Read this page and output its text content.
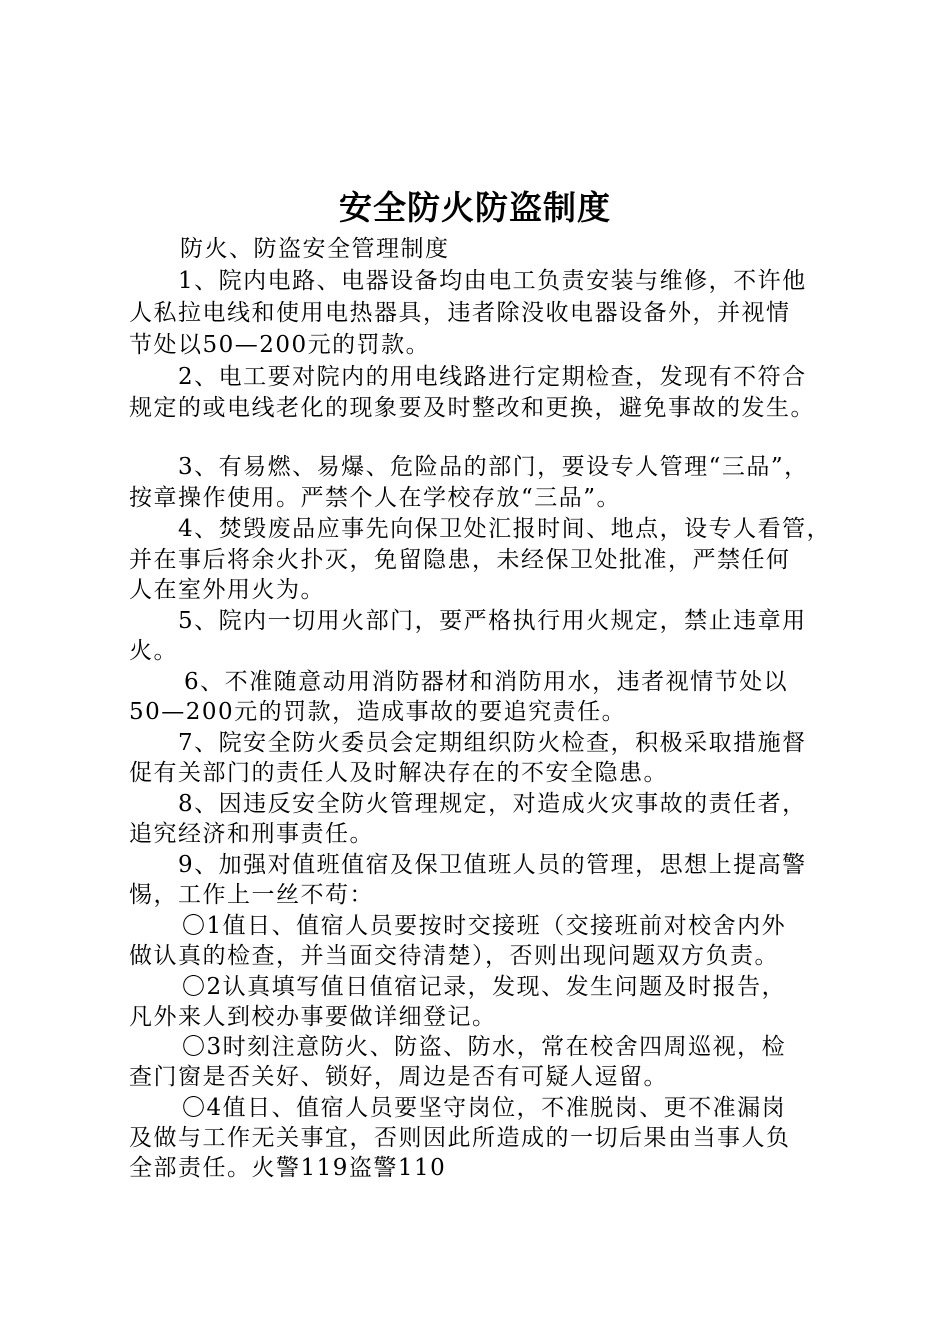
安全防火防盗制度
防火、防盗安全管理制度
1、院内电路、电器设备均由电工负责安装与维修，不许他
人私拉电线和使用电热器具，违者除没收电器设备外，并视情
节处以50—200元的罚款。
2、电工要对院内的用电线路进行定期检查，发现有不符合
规定的或电线老化的现象要及时整改和更换，避免事故的发生。
3、有易燃、易爆、危险品的部门，要设专人管理“三品”，
按章操作使用。严禁个人在学校存放“三品”。
4、焚毁废品应事先向保卫处汇报时间、地点，设专人看管，
并在事后将余火扑灭，免留隐患，未经保卫处批准，严禁任何
人在室外用火为。
5、院内一切用火部门，要严格执行用火规定，禁止违章用
火。
6、不准随意动用消防器材和消防用水，违者视情节处以
50—200元的罚款，造成事故的要追究责任。
7、院安全防火委员会定期组织防火检查，积极采取措施督
促有关部门的责任人及时解决存在的不安全隐患。
8、因违反安全防火管理规定，对造成火灾事故的责任者，
追究经济和刑事责任。
9、加强对值班值宿及保卫值班人员的管理，思想上提高警
惕，工作上一丝不苟：
〇1值日、值宿人员要按时交接班（交接班前对校舍内外
做认真的检查，并当面交待清楚），否则出现问题双方负责。
〇2认真填写值日值宿记录，发现、发生问题及时报告，
凡外来人到校办事要做详细登记。
〇3时刻注意防火、防盗、防水，常在校舍四周巡视，检
查门窗是否关好、锁好，周边是否有可疑人逗留。
〇4值日、值宿人员要坚守岗位，不准脱岗、更不准漏岗
及做与工作无关事宜，否则因此所造成的一切后果由当事人负
全部责任。火警119盗警110
